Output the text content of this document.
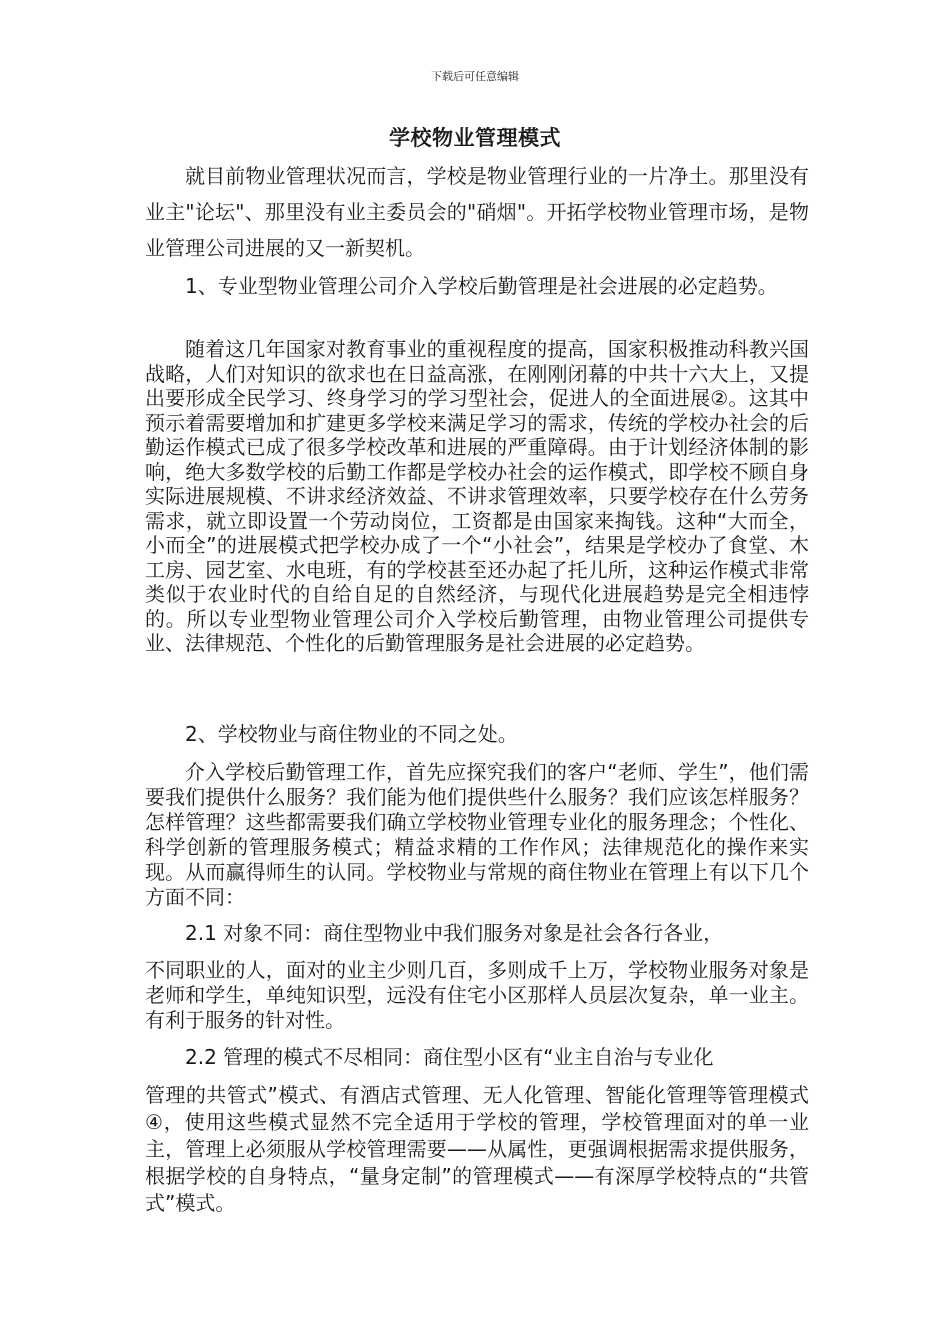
下载后可任意编辑
学校物业管理模式

就目前物业管理状况而言，学校是物业管理行业的一片净土。那里没有业主"论坛"、那里没有业主委员会的"硝烟"。开拓学校物业管理市场，是物业管理公司进展的又一新契机。

1、专业型物业管理公司介入学校后勤管理是社会进展的必定趋势。

随着这几年国家对教育事业的重视程度的提高，国家积极推动科教兴国战略，人们对知识的欲求也在日益高涨，在刚刚闭幕的中共十六大上，又提出要形成全民学习、终身学习的学习型社会，促进人的全面进展②。这其中预示着需要增加和扩建更多学校来满足学习的需求，传统的学校办社会的后勤运作模式已成了很多学校改革和进展的严重障碍。由于计划经济体制的影响，绝大多数学校的后勤工作都是学校办社会的运作模式，即学校不顾自身实际进展规模、不讲求经济效益、不讲求管理效率，只要学校存在什么劳务需求，就立即设置一个劳动岗位，工资都是由国家来掏钱。这种“大而全，小而全”的进展模式把学校办成了一个“小社会”，结果是学校办了食堂、木工房、园艺室、水电班，有的学校甚至还办起了托儿所，这种运作模式非常类似于农业时代的自给自足的自然经济，与现代化进展趋势是完全相违悖的。所以专业型物业管理公司介入学校后勤管理，由物业管理公司提供专业、法律规范、个性化的后勤管理服务是社会进展的必定趋势。

2、学校物业与商住物业的不同之处。

介入学校后勤管理工作，首先应探究我们的客户“老师、学生”，他们需要我们提供什么服务？我们能为他们提供些什么服务？我们应该怎样服务？怎样管理？这些都需要我们确立学校物业管理专业化的服务理念；个性化、科学创新的管理服务模式；精益求精的工作作风；法律规范化的操作来实现。从而赢得师生的认同。学校物业与常规的商住物业在管理上有以下几个方面不同：

2.1 对象不同：商住型物业中我们服务对象是社会各行各业，

不同职业的人，面对的业主少则几百，多则成千上万，学校物业服务对象是老师和学生，单纯知识型，远没有住宅小区那样人员层次复杂，单一业主。有利于服务的针对性。

2.2 管理的模式不尽相同：商住型小区有“业主自治与专业化

管理的共管式”模式、有酒店式管理、无人化管理、智能化管理等管理模式④，使用这些模式显然不完全适用于学校的管理，学校管理面对的单一业主，管理上必须服从学校管理需要——从属性，更强调根据需求提供服务，根据学校的自身特点，“量身定制”的管理模式——有深厚学校特点的“共管式”模式。
